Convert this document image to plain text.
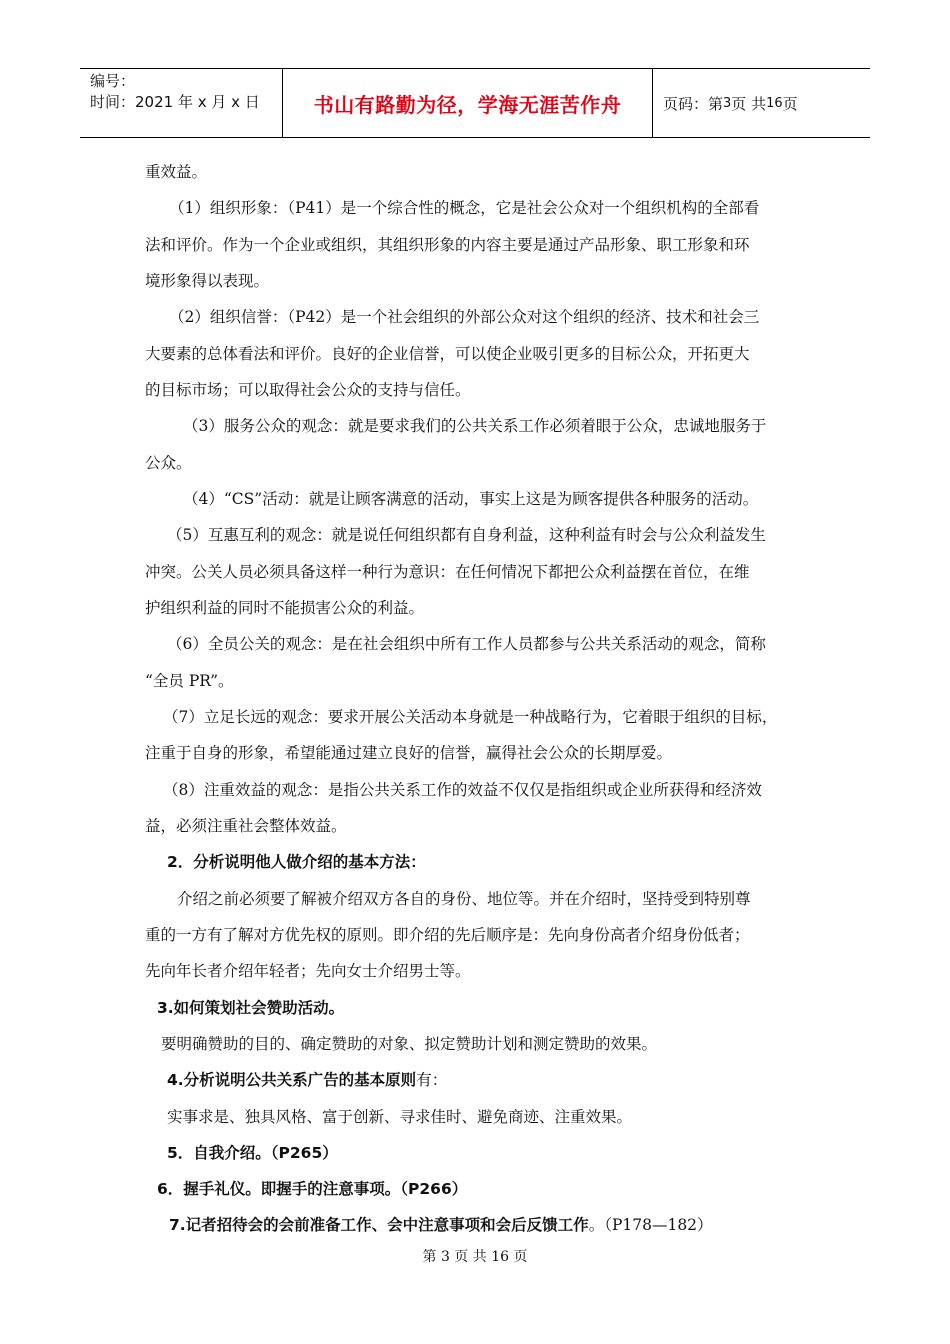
编号：
时间：2021 年 x 月 x 日	书山有路勤为径，学海无涯苦作舟	页码：第 3 页 共 16 页
重效益。
（1）组织形象：（P41）是一个综合性的概念，它是社会公众对一个组织机构的全部看
法和评价。作为一个企业或组织，其组织形象的内容主要是通过产品形象、职工形象和环
境形象得以表现。
（2）组织信誉：（P42）是一个社会组织的外部公众对这个组织的经济、技术和社会三
大要素的总体看法和评价。良好的企业信誉，可以使企业吸引更多的目标公众，开拓更大
的目标市场；可以取得社会公众的支持与信任。
（3）服务公众的观念：就是要求我们的公共关系工作必须着眼于公众，忠诚地服务于
公众。
（4）“CS”活动：就是让顾客满意的活动，事实上这是为顾客提供各种服务的活动。
（5）互惠互利的观念：就是说任何组织都有自身利益，这种利益有时会与公众利益发生
冲突。公关人员必须具备这样一种行为意识：在任何情况下都把公众利益摆在首位，在维
护组织利益的同时不能损害公众的利益。
（6）全员公关的观念：是在社会组织中所有工作人员都参与公共关系活动的观念，简称
“全员 PR”。
（7）立足长远的观念：要求开展公关活动本身就是一种战略行为，它着眼于组织的目标，
注重于自身的形象，希望能通过建立良好的信誉，赢得社会公众的长期厚爱。
（8）注重效益的观念：是指公共关系工作的效益不仅仅是指组织或企业所获得和经济效
益，必须注重社会整体效益。
2．分析说明他人做介绍的基本方法：
介绍之前必须要了解被介绍双方各自的身份、地位等。并在介绍时，坚持受到特别尊
重的一方有了解对方优先权的原则。即介绍的先后顺序是：先向身份高者介绍身份低者；
先向年长者介绍年轻者；先向女士介绍男士等。
3.如何策划社会赞助活动。
要明确赞助的目的、确定赞助的对象、拟定赞助计划和测定赞助的效果。
4.分析说明公共关系广告的基本原则有：
实事求是、独具风格、富于创新、寻求佳时、避免商迹、注重效果。
5．自我介绍。（P265）
6．握手礼仪。即握手的注意事项。（P266）
7.记者招待会的会前准备工作、会中注意事项和会后反馈工作。（P178—182）
第 3 页 共 16 页
